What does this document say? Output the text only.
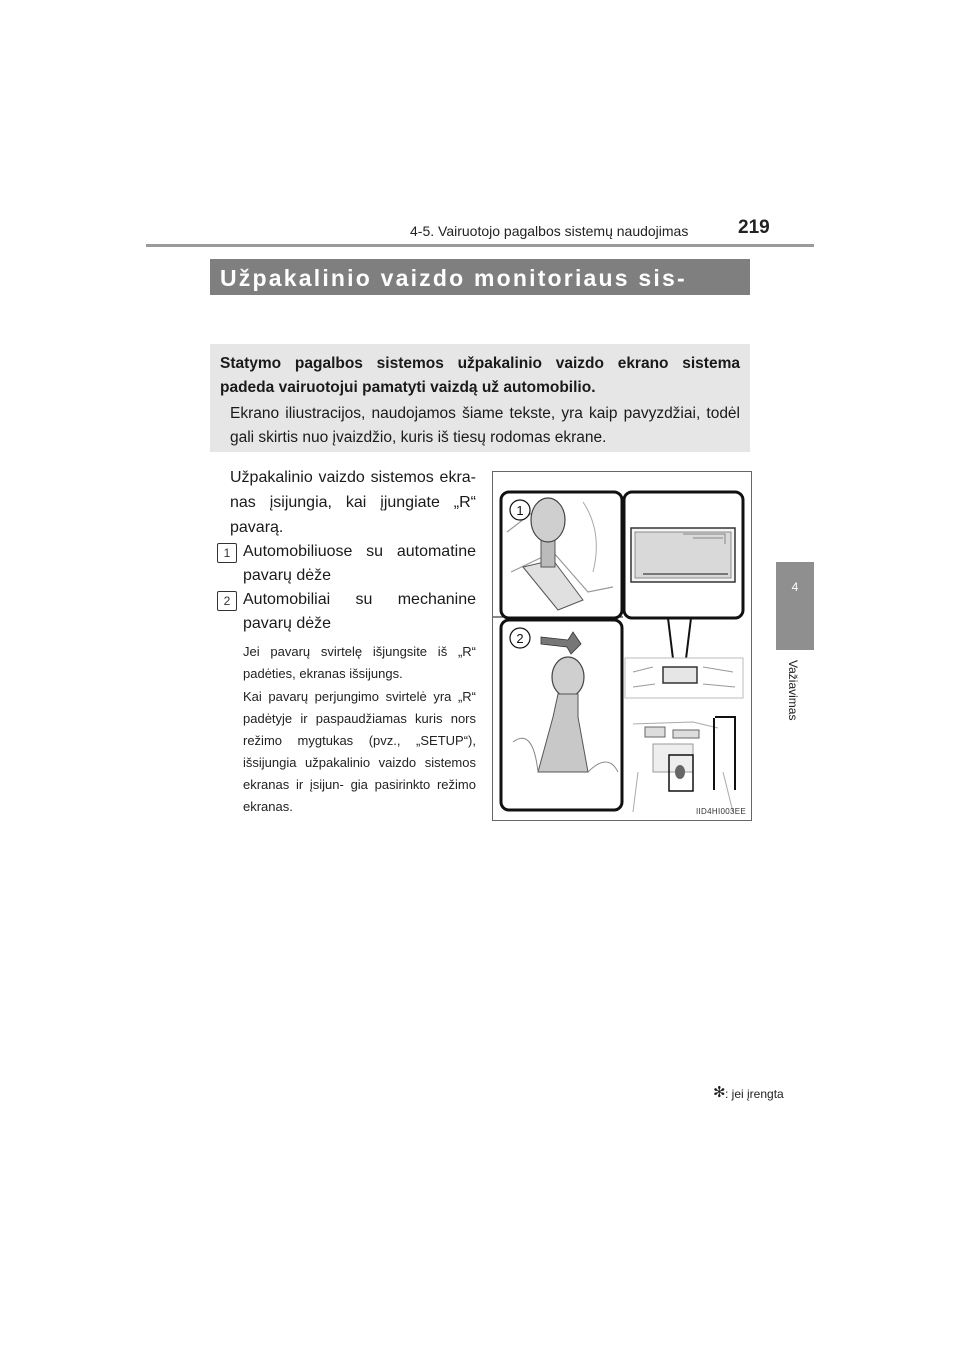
4-5. Vairuotojo pagalbos sistemų naudojimas	219
4
Važiavimas
Užpakalinio vaizdo monitoriaus sis-
Statymo pagalbos sistemos užpakalinio vaizdo ekrano sistema padeda vairuotojui pamatyti vaizdą už automobilio.
Ekrano iliustracijos, naudojamos šiame tekste, yra kaip pavyzdžiai, todėl gali skirtis nuo įvaizdžio, kuris iš tiesų rodomas ekrane.
Užpakalinio vaizdo sistemos ekra- nas įsijungia, kai įjungiate „R“ pavarą.
1 Automobiliuose su automatine pavarų dėže
2 Automobiliai su mechanine pavarų dėže
Jei pavarų svirtelę išjungsite iš „R“ padėties, ekranas išsijungs.
Kai pavarų perjungimo svirtelė yra „R“ padėtyje ir paspaudžiamas kuris nors režimo mygtukas (pvz., „SETUP“), išsijungia užpakalinio vaizdo sistemos ekranas ir įsijun- gia pasirinkto režimo ekranas.
1
2
IID4HI003EE
✻ : jei įrengta
